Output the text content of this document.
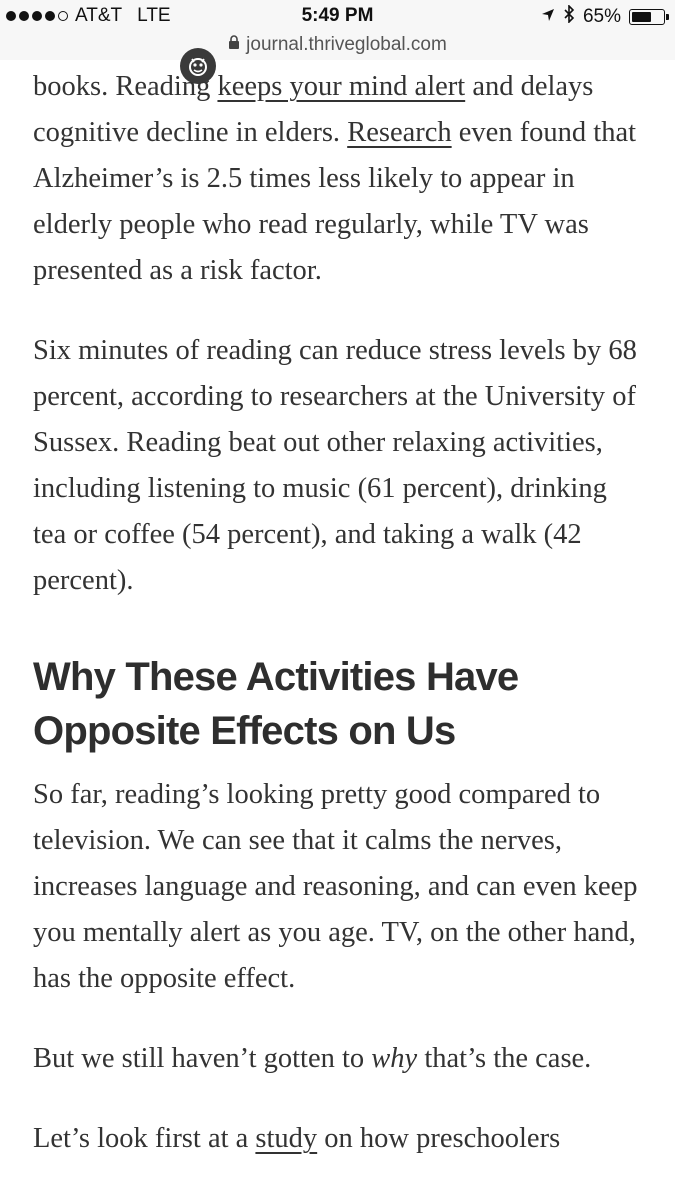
AT&T LTE	5:49 PM	65%
journal.thriveglobal.com

books. Reading keeps your mind alert and delays cognitive decline in elders. Research even found that Alzheimer’s is 2.5 times less likely to appear in elderly people who read regularly, while TV was presented as a risk factor.

Six minutes of reading can reduce stress levels by 68 percent, according to researchers at the University of Sussex. Reading beat out other relaxing activities, including listening to music (61 percent), drinking tea or coffee (54 percent), and taking a walk (42 percent).

Why These Activities Have Opposite Effects on Us

So far, reading’s looking pretty good compared to television. We can see that it calms the nerves, increases language and reasoning, and can even keep you mentally alert as you age. TV, on the other hand, has the opposite effect.

But we still haven’t gotten to why that’s the case.

Let’s look first at a study on how preschoolers
